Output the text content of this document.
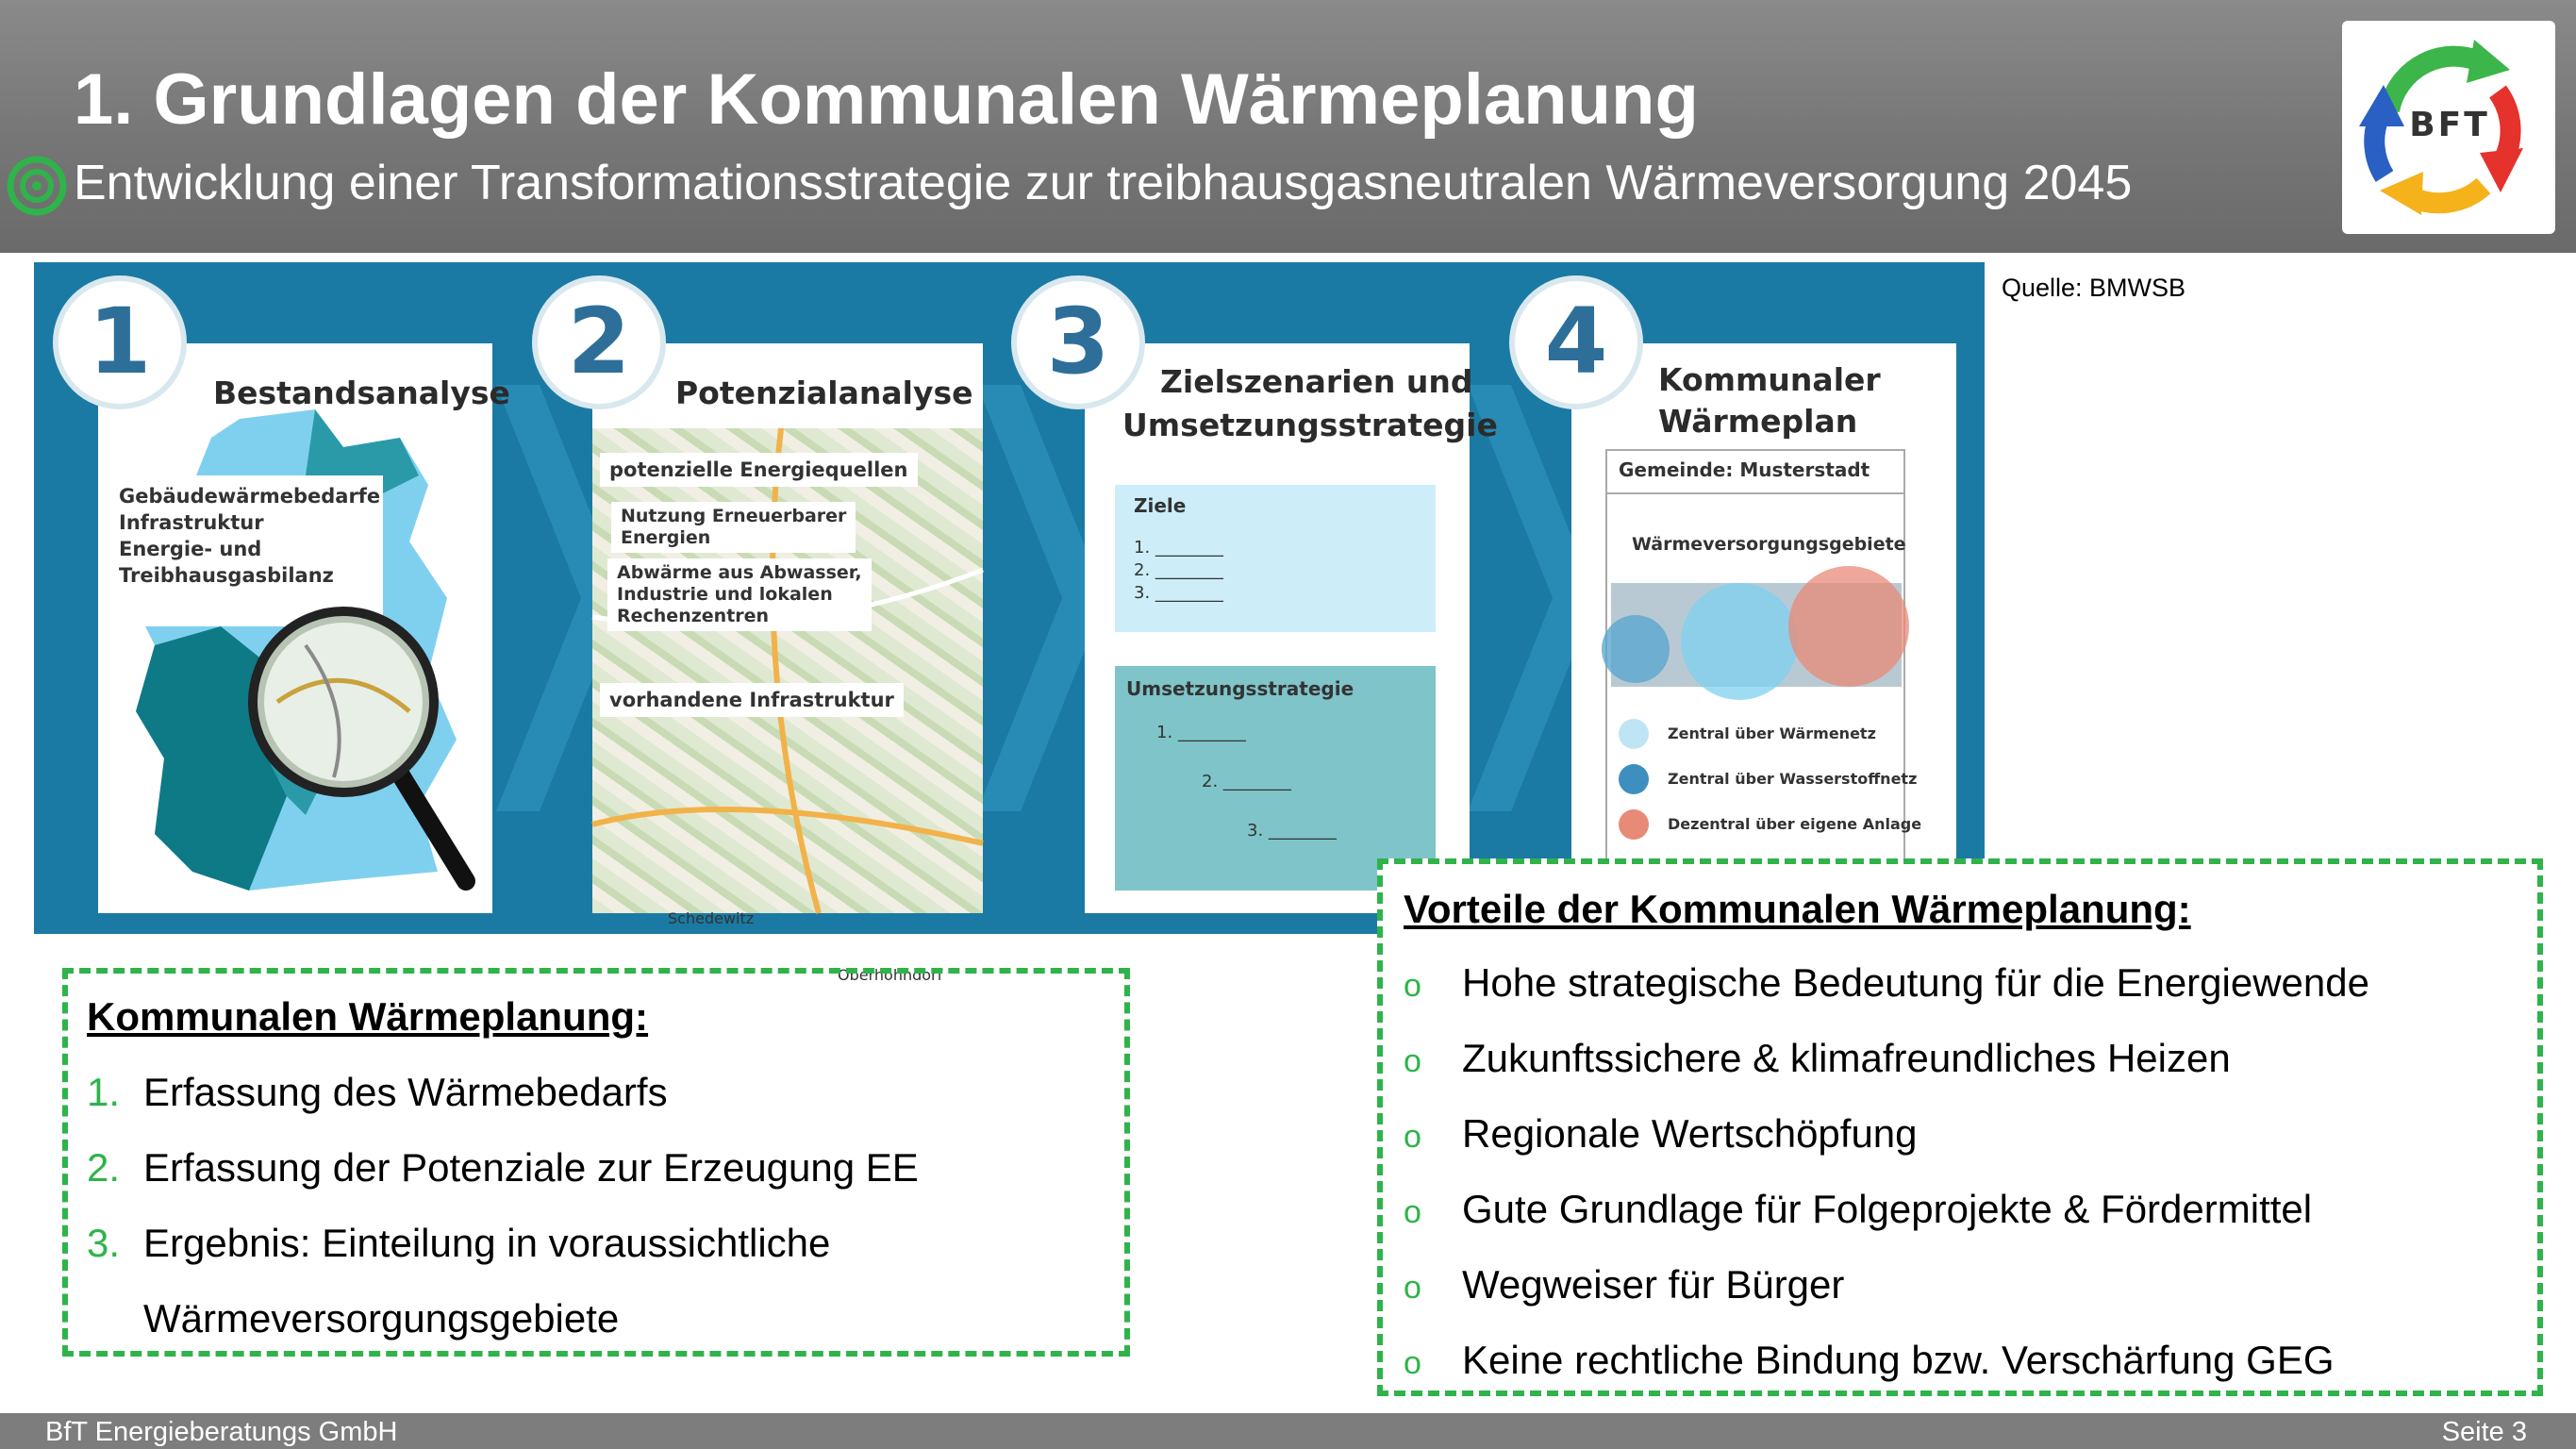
1. Grundlagen der Kommunalen Wärmeplanung
Entwicklung einer Transformationsstrategie zur treibhausgasneutralen Wärmeversorgung 2045
BFT
Bestandsanalyse
Gebäudewärmebedarfe
Infrastruktur
Energie- und
Treibhausgasbilanz
Potenzialanalyse
potenzielle Energiequellen
Nutzung Erneuerbarer
Energien
Abwärme aus Abwasser,
Industrie und lokalen
Rechenzentren
vorhandene Infrastruktur
Schedewitz
Oberhohndorf
Zielszenarien und
Umsetzungsstrategie
Ziele
1. ________
2. ________
3. ________
Umsetzungsstrategie
1. ________
2. ________
3. ________
Kommunaler
Wärmeplan
Gemeinde: Musterstadt
Wärmeversorgungsgebiete
Zentral über Wärmenetz
Zentral über Wasserstoffnetz
Dezentral über eigene Anlage
1	2	3	4
Quelle: BMWSB
Kommunalen Wärmeplanung:
1. Erfassung des Wärmebedarfs
2. Erfassung der Potenziale zur Erzeugung EE
3. Ergebnis: Einteilung in voraussichtliche
Wärmeversorgungsgebiete
Vorteile der Kommunalen Wärmeplanung:
o Hohe strategische Bedeutung für die Energiewende
o Zukunftssichere & klimafreundliches Heizen
o Regionale Wertschöpfung
o Gute Grundlage für Folgeprojekte & Fördermittel
o Wegweiser für Bürger
o Keine rechtliche Bindung bzw. Verschärfung GEG
BfT Energieberatungs GmbH	Seite 3
